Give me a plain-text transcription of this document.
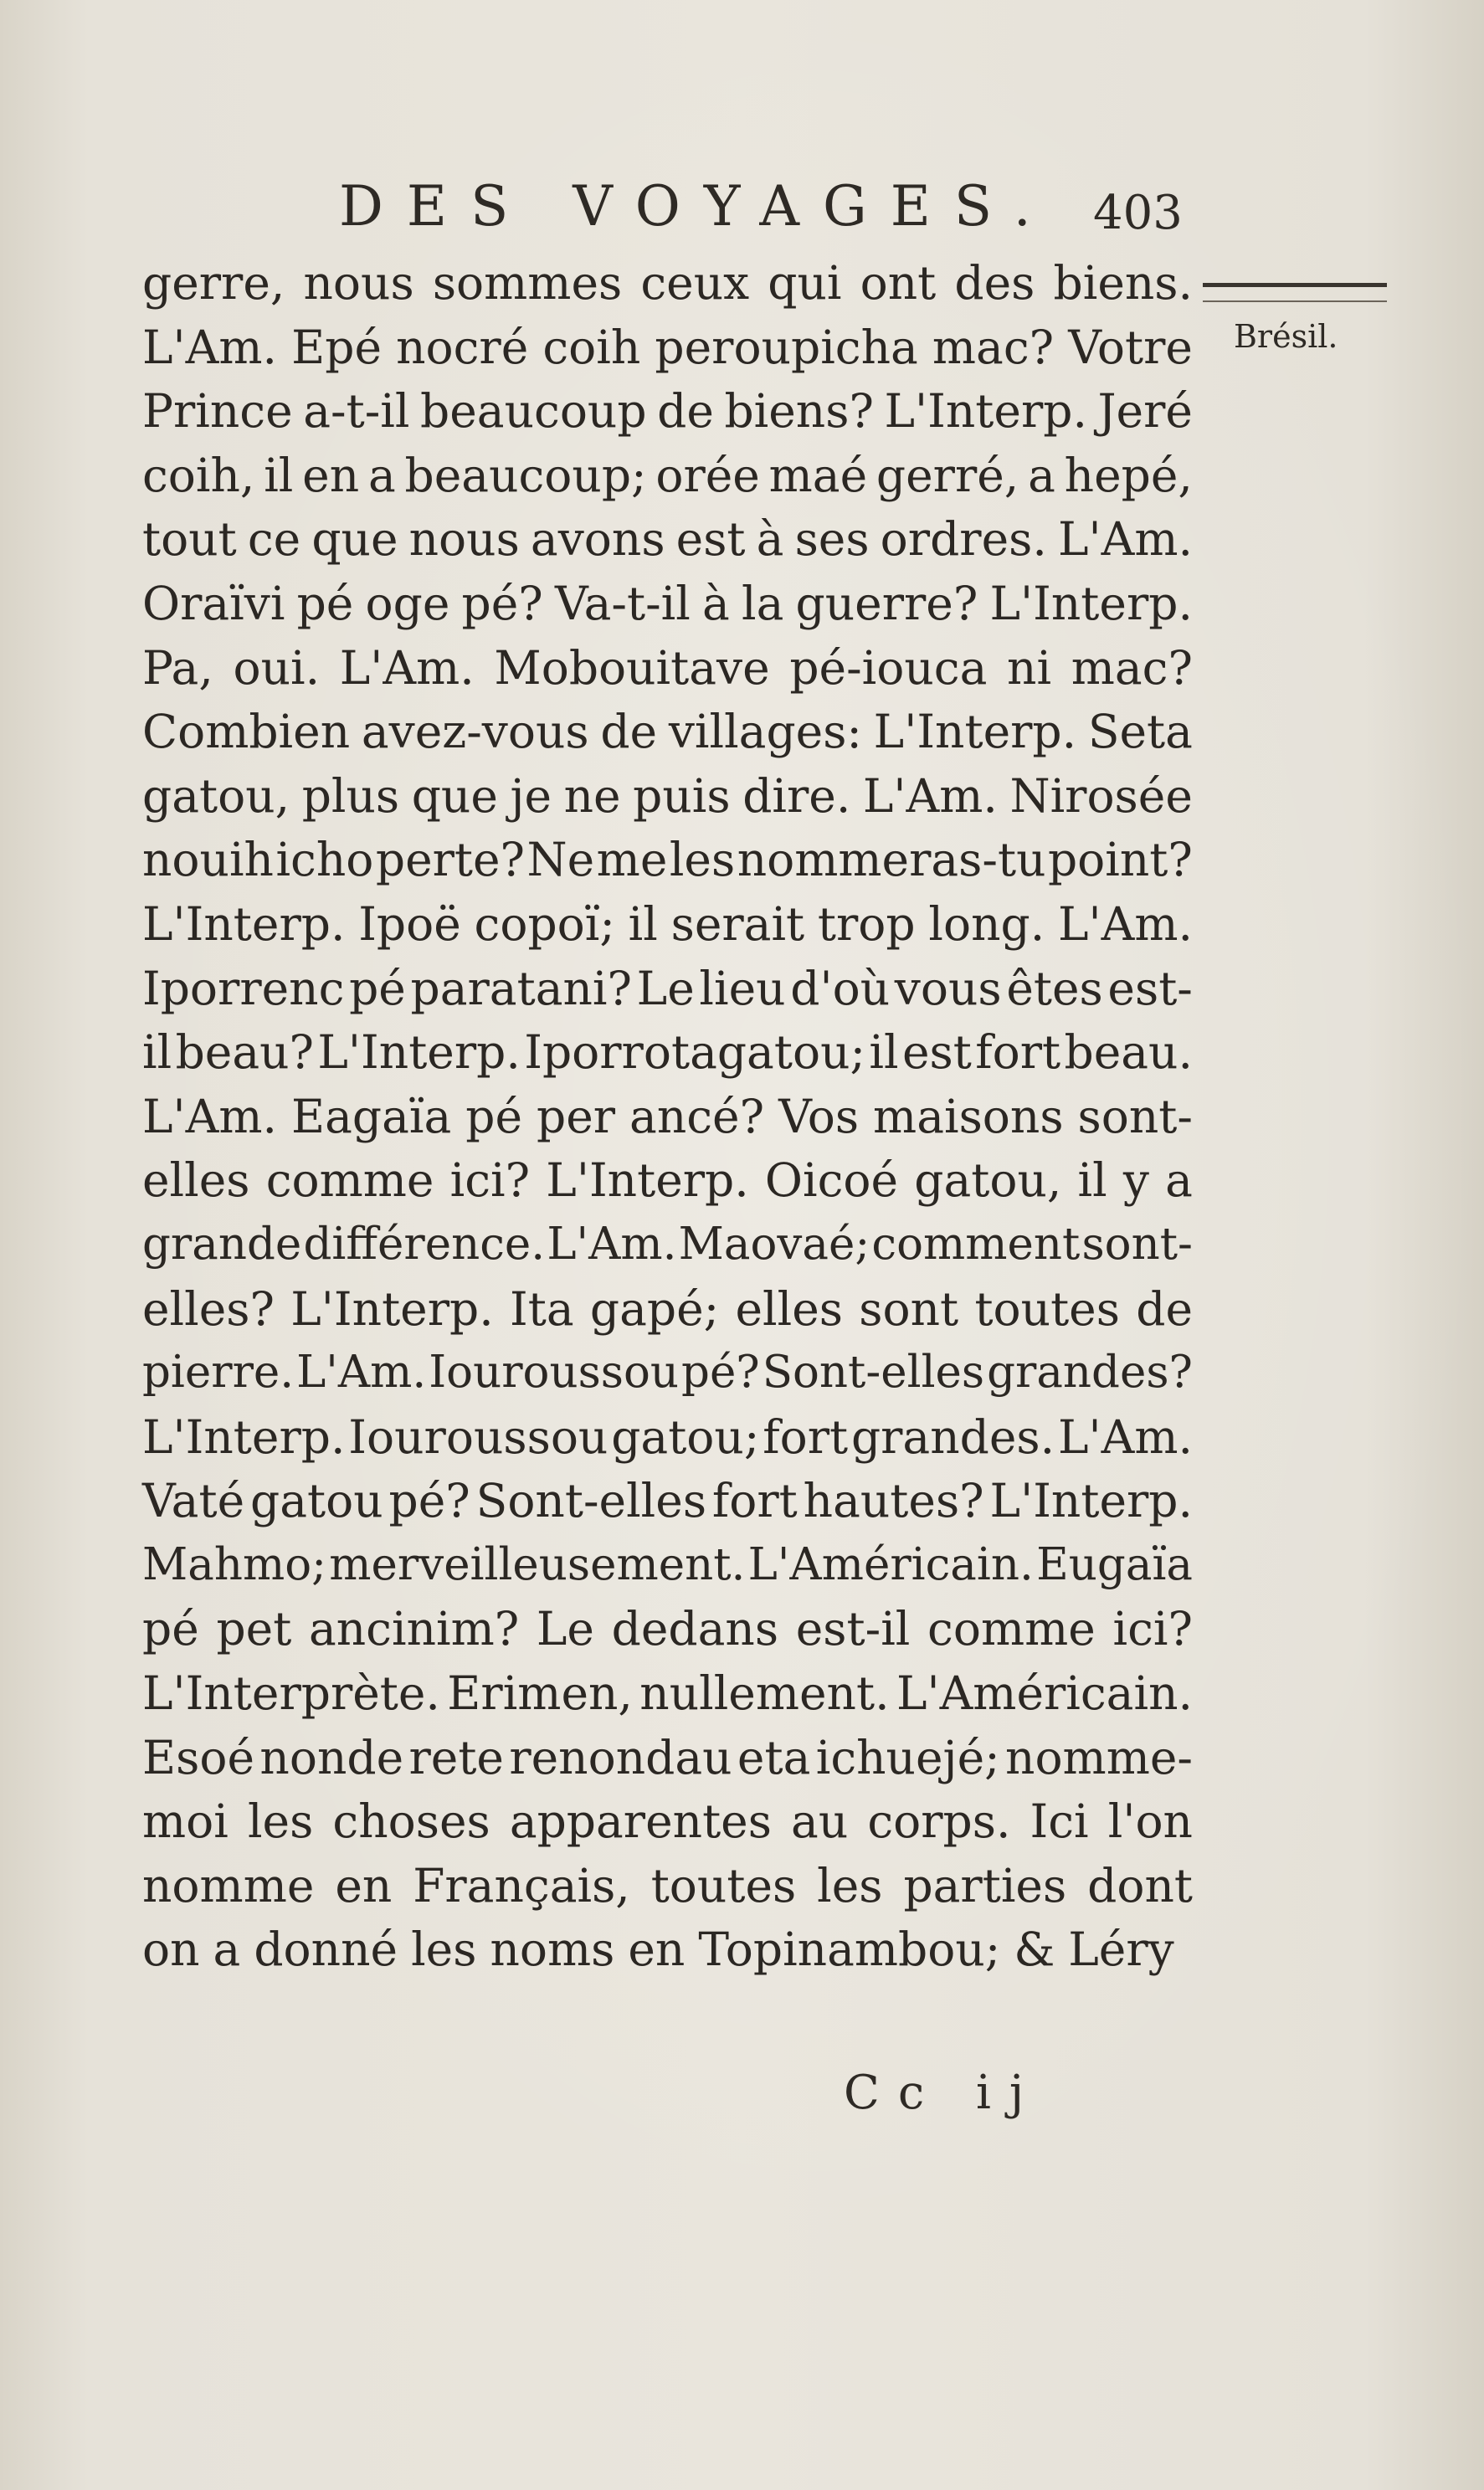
DES VOYAGES. 403
Brésil.
gerre, nous sommes ceux qui ont des biens.
L'Am. Epé nocré coih peroupicha mac? Votre
Prince a-t-il beaucoup de biens? L'Interp. Jeré
coih, il en a beaucoup; orée maé gerré, a hepé,
tout ce que nous avons est à ses ordres. L'Am.
Oraïvi pé oge pé? Va-t-il à la guerre? L'Interp.
Pa, oui. L'Am. Mobouitave pé-iouca ni mac?
Combien avez-vous de villages: L'Interp. Seta
gatou, plus que je ne puis dire. L'Am. Nirosée
nouih icho perte? Ne me les nommeras-tu point?
L'Interp. Ipoë copoï; il serait trop long. L'Am.
Iporrenc pé paratani? Le lieu d'où vous êtes est-
il beau? L'Interp. Iporrotagatou; il est fort beau.
L'Am. Eagaïa pé per ancé? Vos maisons sont-
elles comme ici? L'Interp. Oicoé gatou, il y a
grande différence. L'Am. Maovaé; comment sont-
elles? L'Interp. Ita gapé; elles sont toutes de
pierre. L'Am. Iouroussou pé? Sont-elles grandes?
L'Interp. Iouroussou gatou; fort grandes. L'Am.
Vaté gatou pé? Sont-elles fort hautes? L'Interp.
Mahmo; merveilleusement. L'Américain. Eugaïa
pé pet ancinim? Le dedans est-il comme ici?
L'Interprète. Erimen, nullement. L'Américain.
Esoé nonde rete renondau eta ichuejé; nomme-
moi les choses apparentes au corps. Ici l'on
nomme en Français, toutes les parties dont
on a donné les noms en Topinambou; & Léry
Cc ij
